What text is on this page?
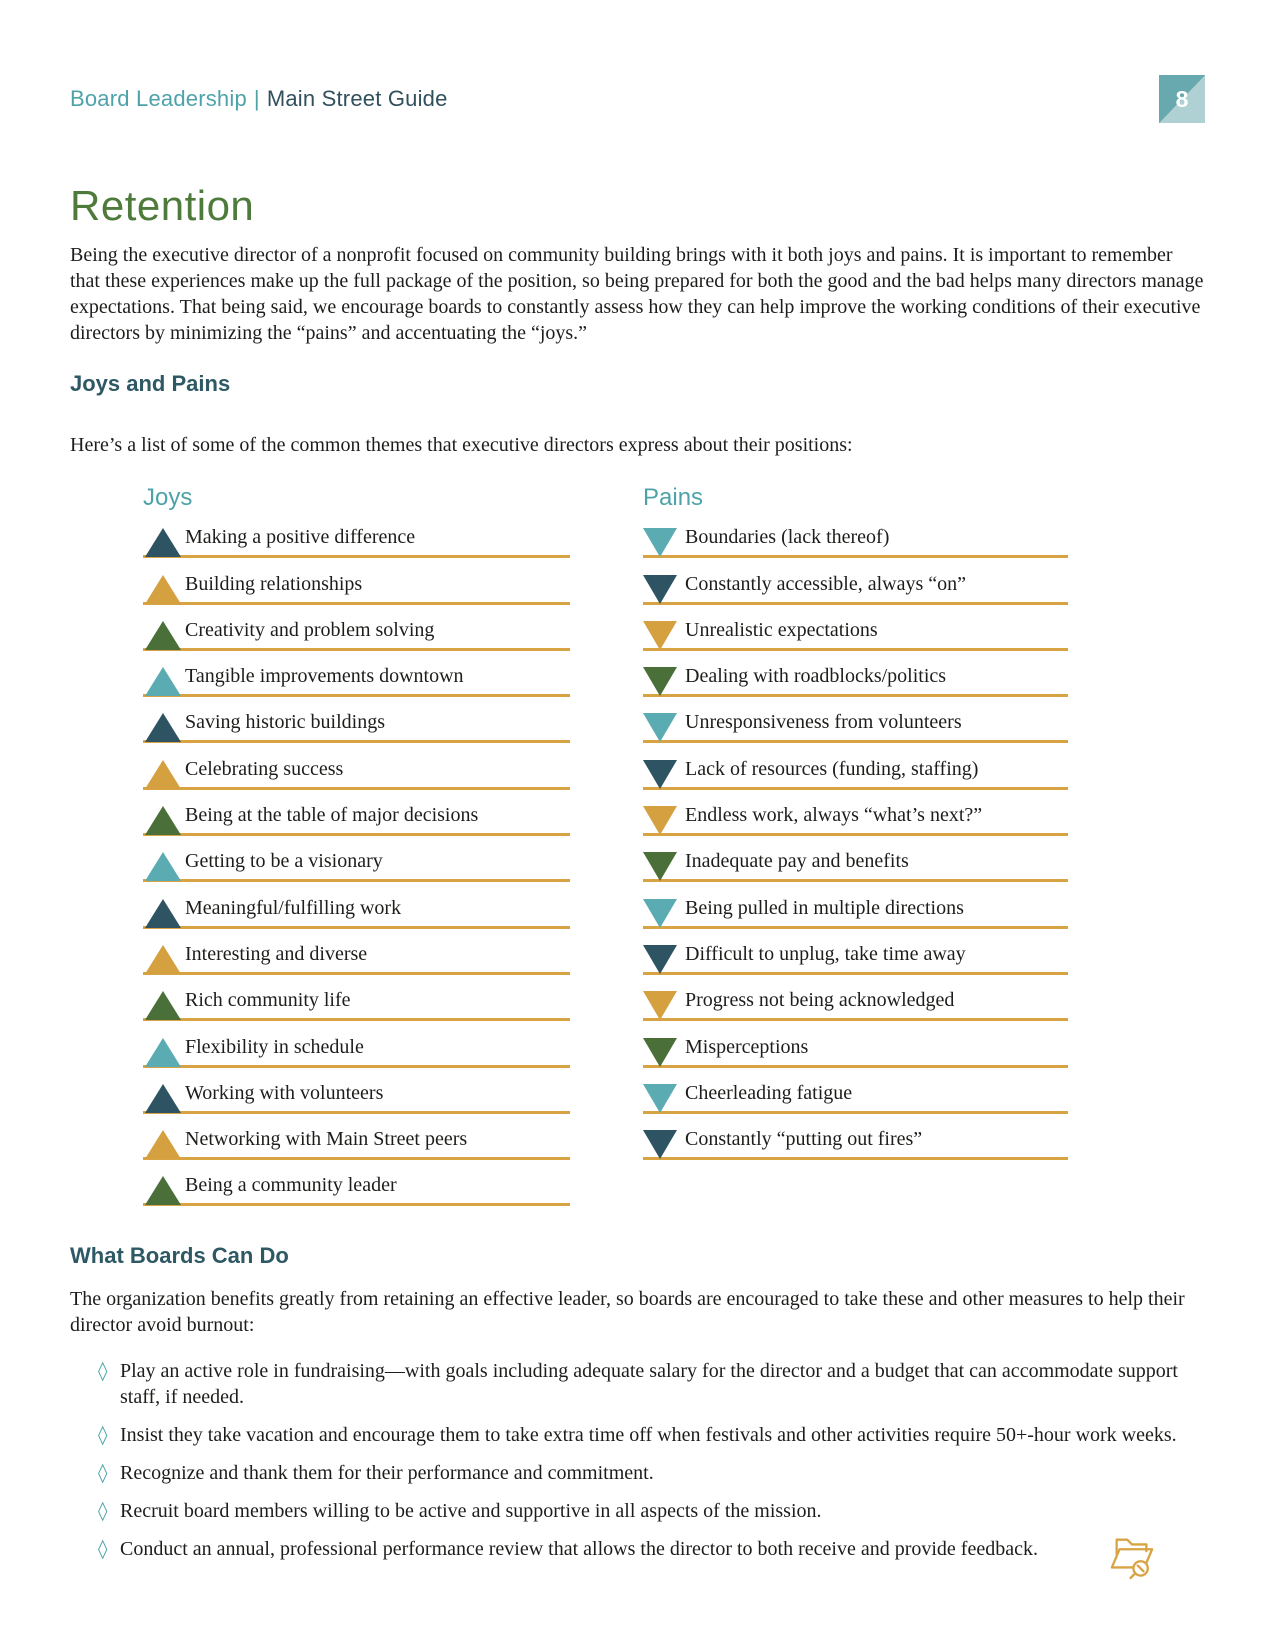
Board Leadership | Main Street Guide	8
Retention

Being the executive director of a nonprofit focused on community building brings with it both joys and pains. It is important to remember that these experiences make up the full package of the position, so being prepared for both the good and the bad helps many directors manage expectations. That being said, we encourage boards to constantly assess how they can help improve the working conditions of their executive directors by minimizing the “pains” and accentuating the “joys.”

Joys and Pains

Here’s a list of some of the common themes that executive directors express about their positions:

Joys
Making a positive difference
Building relationships
Creativity and problem solving
Tangible improvements downtown
Saving historic buildings
Celebrating success
Being at the table of major decisions
Getting to be a visionary
Meaningful/fulfilling work
Interesting and diverse
Rich community life
Flexibility in schedule
Working with volunteers
Networking with Main Street peers
Being a community leader
Pains
Boundaries (lack thereof)
Constantly accessible, always “on”
Unrealistic expectations
Dealing with roadblocks/politics
Unresponsiveness from volunteers
Lack of resources (funding, staffing)
Endless work, always “what’s next?”
Inadequate pay and benefits
Being pulled in multiple directions
Difficult to unplug, take time away
Progress not being acknowledged
Misperceptions
Cheerleading fatigue
Constantly “putting out fires”
What Boards Can Do

The organization benefits greatly from retaining an effective leader, so boards are encouraged to take these and other measures to help their director avoid burnout:

◊ Play an active role in fundraising—with goals including adequate salary for the director and a budget that can accommodate support staff, if needed.
◊ Insist they take vacation and encourage them to take extra time off when festivals and other activities require 50+-hour work weeks.
◊ Recognize and thank them for their performance and commitment.
◊ Recruit board members willing to be active and supportive in all aspects of the mission.
◊ Conduct an annual, professional performance review that allows the director to both receive and provide feedback.
